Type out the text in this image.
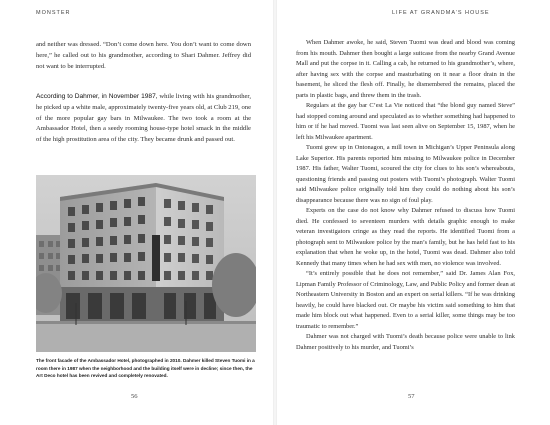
MONSTER

and neither was dressed. “Don’t come down here. You don’t want to come down here,” he called out to his grandmother, according to Shari Dahmer. Jeffrey did not want to be interrupted.

According to Dahmer, in November 1987, while living with his grandmother, he picked up a white male, approximately twenty-five years old, at Club 219, one of the more popular gay bars in Milwaukee. The two took a room at the Ambassador Hotel, then a seedy rooming house-type hotel smack in the middle of the high prostitution area of the city. They became drunk and passed out.

The front facade of the Ambassador Hotel, photographed in 2010. Dahmer killed Steven Tuomi in a room there in 1987 when the neighborhood and the building itself were in decline; since then, the Art Deco hotel has been revived and completely renovated.
56
LIFE AT GRANDMA’S HOUSE
57

When Dahmer awoke, he said, Steven Tuomi was dead and blood was coming from his mouth. Dahmer then bought a large suitcase from the nearby Grand Avenue Mall and put the corpse in it. Calling a cab, he returned to his grandmother’s, where, after having sex with the corpse and masturbating on it near a floor drain in the basement, he sliced the flesh off. Finally, he dismembered the remains, placed the parts in plastic bags, and threw them in the trash.

Regulars at the gay bar C’est La Vie noticed that “the blond guy named Steve” had stopped coming around and speculated as to whether something had happened to him or if he had moved. Tuomi was last seen alive on September 15, 1987, when he left his Milwaukee apartment.

Tuomi grew up in Ontonagon, a mill town in Michigan’s Upper Peninsula along Lake Superior. His parents reported him missing to Milwaukee police in December 1987. His father, Walter Tuomi, scoured the city for clues to his son’s whereabouts, questioning friends and passing out posters with Tuomi’s photograph. Walter Tuomi said Milwaukee police originally told him they could do nothing about his son’s disappearance because there was no sign of foul play.

Experts on the case do not know why Dahmer refused to discuss how Tuomi died. He confessed to seventeen murders with details graphic enough to make veteran investigators cringe as they read the reports. He identified Tuomi from a photograph sent to Milwaukee police by the man’s family, but he has held fast to his explanation that when he woke up, in the hotel, Tuomi was dead. Dahmer also told Kennedy that many times when he had sex with men, no violence was involved.

“It’s entirely possible that he does not remember,” said Dr. James Alan Fox, Lipman Family Professor of Criminology, Law, and Public Policy and former dean at Northeastern University in Boston and an expert on serial killers. “If he was drinking heavily, he could have blacked out. Or maybe his victim said something to him that made him block out what happened. Even to a serial killer, some things may be too traumatic to remember.”

Dahmer was not charged with Tuomi’s death because police were unable to link Dahmer positively to his murder, and Tuomi’s
